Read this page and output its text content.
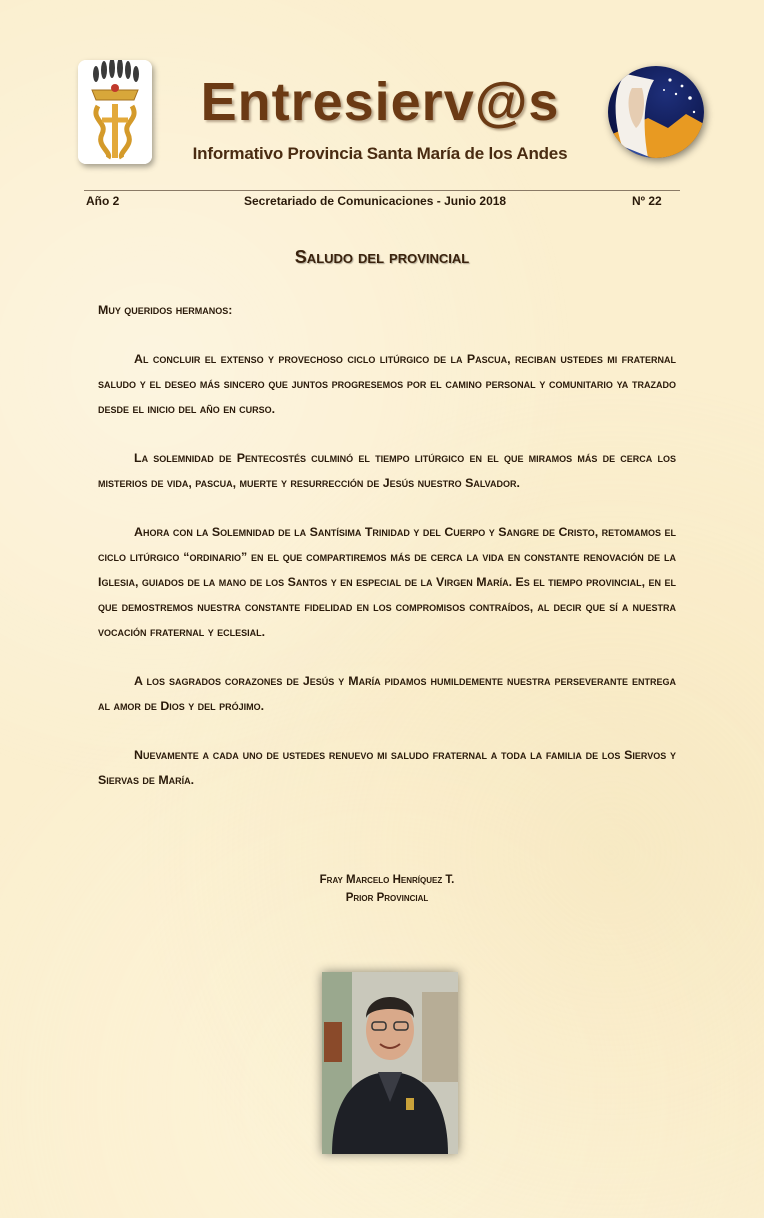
Entresierv@s
Informativo Provincia Santa María de los Andes
Año 2	Secretariado de Comunicaciones - Junio 2018	Nº 22
Saludo del provincial

Muy queridos hermanos:

Al concluir el extenso y provechoso ciclo litúrgico de la Pascua, reciban ustedes mi fraternal saludo y el deseo más sincero que juntos progresemos por el camino personal y comunitario ya trazado desde el inicio del año en curso.

La solemnidad de Pentecostés culminó el tiempo litúrgico en el que miramos más de cerca los misterios de vida, pascua, muerte y resurrección de Jesús nuestro Salvador.

Ahora con la Solemnidad de la Santísima Trinidad y del Cuerpo y Sangre de Cristo, retomamos el ciclo litúrgico “ordinario” en el que compartiremos más de cerca la vida en constante renovación de la Iglesia, guiados de la mano de los Santos y en especial de la Virgen María. Es el tiempo provincial, en el que demostremos nuestra constante fidelidad en los compromisos contraídos, al decir que sí a nuestra vocación fraternal y eclesial.

A los sagrados corazones de Jesús y María pidamos humildemente nuestra perseverante entrega al amor de Dios y del prójimo.

Nuevamente a cada uno de ustedes renuevo mi saludo fraternal a toda la familia de los Siervos y Siervas de María.

Fray Marcelo Henríquez T.
Prior Provincial
